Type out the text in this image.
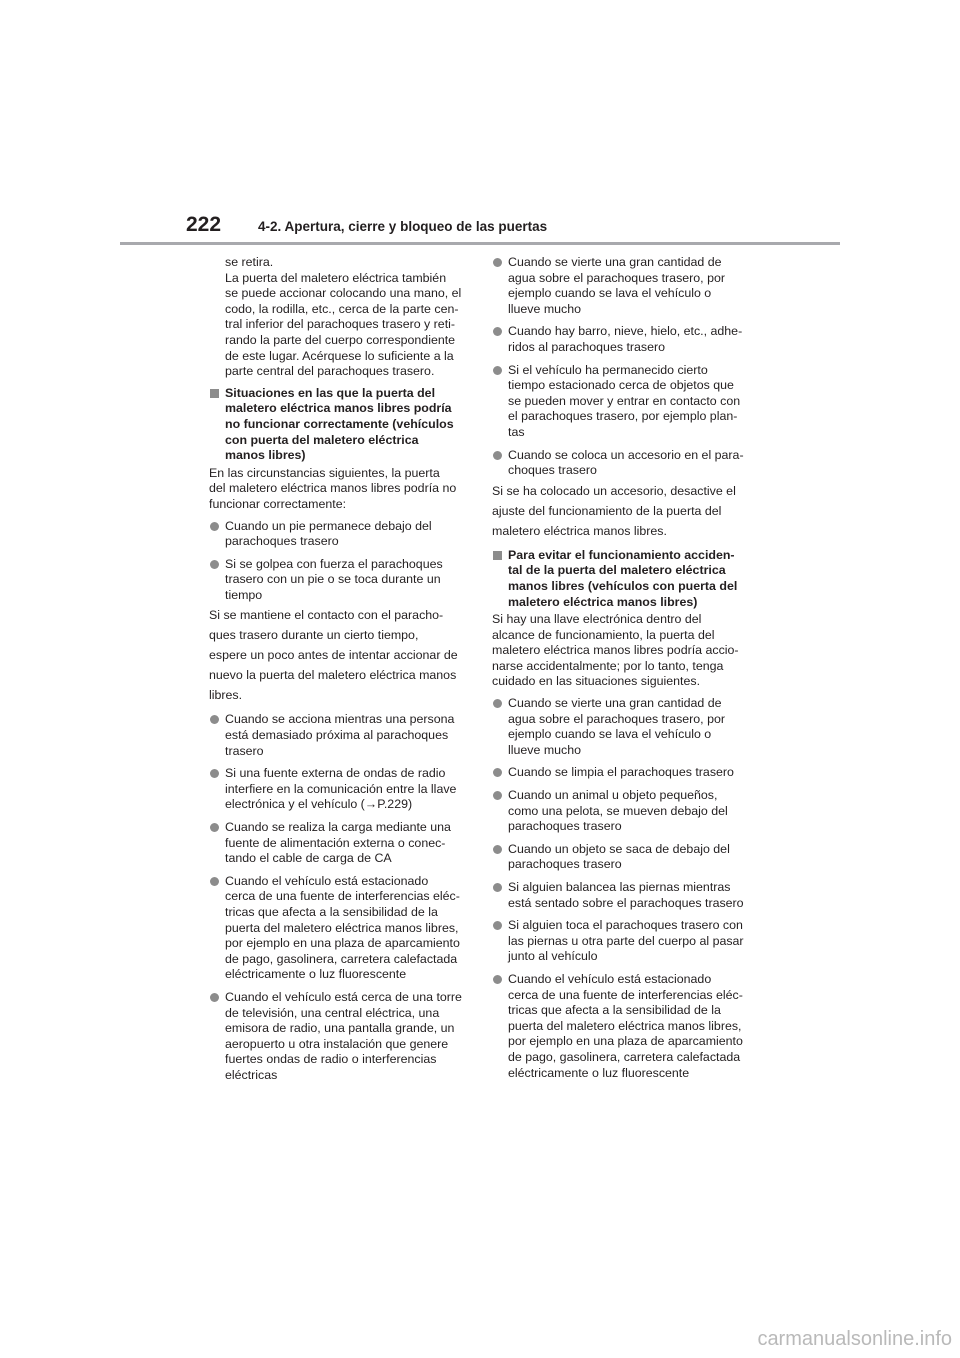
222	4-2. Apertura, cierre y bloqueo de las puertas
se retira.
La puerta del maletero eléctrica también
se puede accionar colocando una mano, el
codo, la rodilla, etc., cerca de la parte cen-
tral inferior del parachoques trasero y reti-
rando la parte del cuerpo correspondiente
de este lugar. Acérquese lo suficiente a la
parte central del parachoques trasero.
Situaciones en las que la puerta del
maletero eléctrica manos libres podría
no funcionar correctamente (vehículos
con puerta del maletero eléctrica
manos libres)
En las circunstancias siguientes, la puerta
del maletero eléctrica manos libres podría no
funcionar correctamente:
Cuando un pie permanece debajo del
parachoques trasero
Si se golpea con fuerza el parachoques
trasero con un pie o se toca durante un
tiempo
Si se mantiene el contacto con el paracho-
ques trasero durante un cierto tiempo,
espere un poco antes de intentar accionar de
nuevo la puerta del maletero eléctrica manos
libres.
Cuando se acciona mientras una persona
está demasiado próxima al parachoques
trasero
Si una fuente externa de ondas de radio
interfiere en la comunicación entre la llave
electrónica y el vehículo (→P.229)
Cuando se realiza la carga mediante una
fuente de alimentación externa o conec-
tando el cable de carga de CA
Cuando el vehículo está estacionado
cerca de una fuente de interferencias eléc-
tricas que afecta a la sensibilidad de la
puerta del maletero eléctrica manos libres,
por ejemplo en una plaza de aparcamiento
de pago, gasolinera, carretera calefactada
eléctricamente o luz fluorescente
Cuando el vehículo está cerca de una torre
de televisión, una central eléctrica, una
emisora de radio, una pantalla grande, un
aeropuerto u otra instalación que genere
fuertes ondas de radio o interferencias
eléctricas
Cuando se vierte una gran cantidad de
agua sobre el parachoques trasero, por
ejemplo cuando se lava el vehículo o
llueve mucho
Cuando hay barro, nieve, hielo, etc., adhe-
ridos al parachoques trasero
Si el vehículo ha permanecido cierto
tiempo estacionado cerca de objetos que
se pueden mover y entrar en contacto con
el parachoques trasero, por ejemplo plan-
tas
Cuando se coloca un accesorio en el para-
choques trasero
Si se ha colocado un accesorio, desactive el
ajuste del funcionamiento de la puerta del
maletero eléctrica manos libres.
Para evitar el funcionamiento acciden-
tal de la puerta del maletero eléctrica
manos libres (vehículos con puerta del
maletero eléctrica manos libres)
Si hay una llave electrónica dentro del
alcance de funcionamiento, la puerta del
maletero eléctrica manos libres podría accio-
narse accidentalmente; por lo tanto, tenga
cuidado en las situaciones siguientes.
Cuando se vierte una gran cantidad de
agua sobre el parachoques trasero, por
ejemplo cuando se lava el vehículo o
llueve mucho
Cuando se limpia el parachoques trasero
Cuando un animal u objeto pequeños,
como una pelota, se mueven debajo del
parachoques trasero
Cuando un objeto se saca de debajo del
parachoques trasero
Si alguien balancea las piernas mientras
está sentado sobre el parachoques trasero
Si alguien toca el parachoques trasero con
las piernas u otra parte del cuerpo al pasar
junto al vehículo
Cuando el vehículo está estacionado
cerca de una fuente de interferencias eléc-
tricas que afecta a la sensibilidad de la
puerta del maletero eléctrica manos libres,
por ejemplo en una plaza de aparcamiento
de pago, gasolinera, carretera calefactada
eléctricamente o luz fluorescente
carmanualsonline.info
